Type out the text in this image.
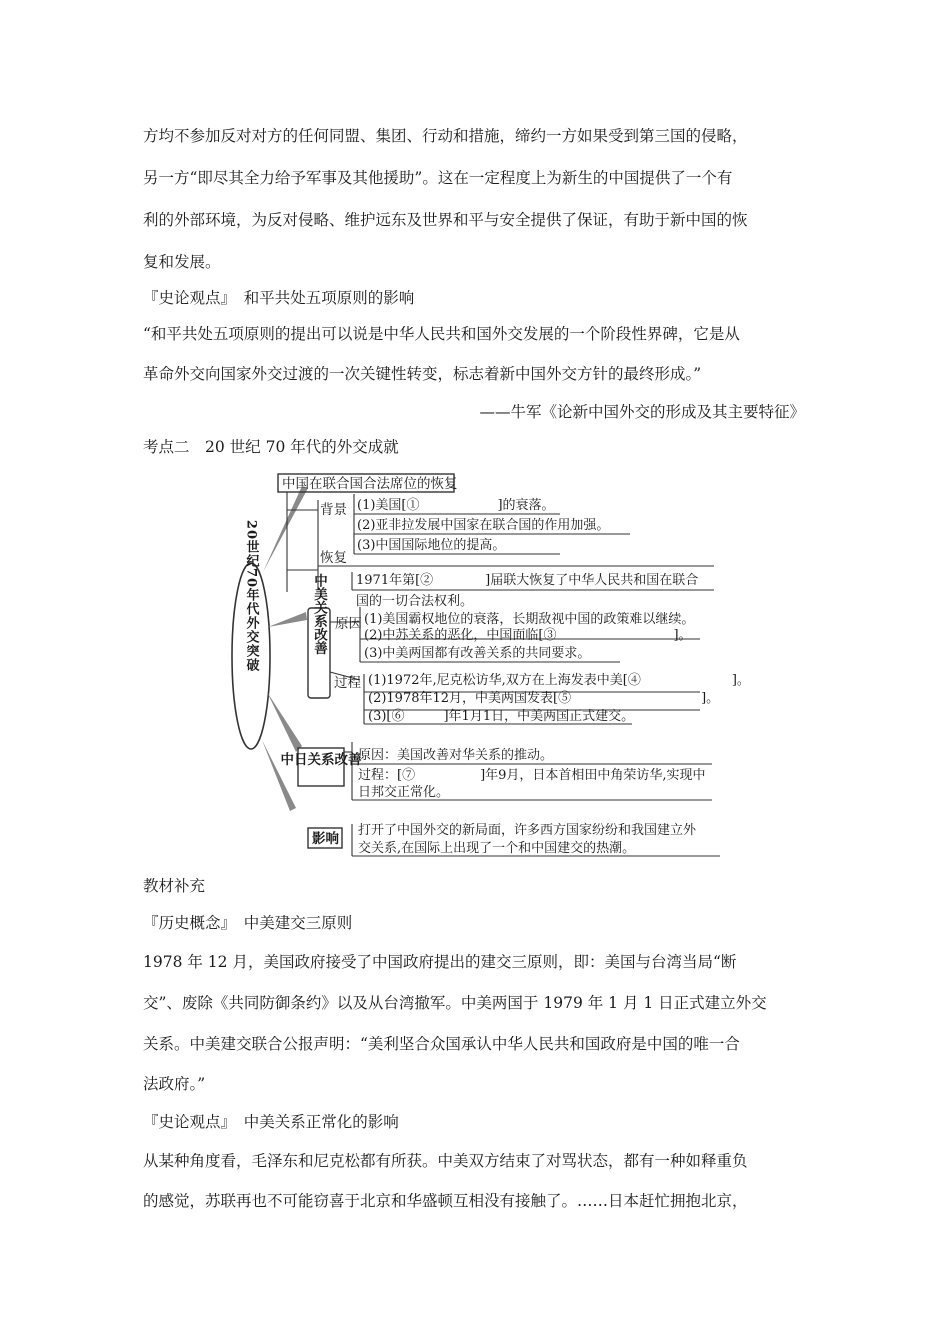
方均不参加反对对方的任何同盟、集团、行动和措施，缔约一方如果受到第三国的侵略，
另一方“即尽其全力给予军事及其他援助”。这在一定程度上为新生的中国提供了一个有
利的外部环境，为反对侵略、维护远东及世界和平与安全提供了保证，有助于新中国的恢
复和发展。
『史论观点』　和平共处五项原则的影响
“和平共处五项原则的提出可以说是中华人民共和国外交发展的一个阶段性界碑，它是从
革命外交向国家外交过渡的一次关键性转变，标志着新中国外交方针的最终形成。”
——牛军《论新中国外交的形成及其主要特征》
考点二　20 世纪 70 年代的外交成就
20世纪70年代外交突破
中国在联合国合法席位的恢复
背景 (1)美国[①　　　　　　]的衰落。
(2)亚非拉发展中国家在联合国的作用加强。
(3)中国国际地位的提高。
恢复
1971年第[②　　　　]届联大恢复了中华人民共和国在联合
国的一切合法权利。
中美关系改善 原因 (1)美国霸权地位的衰落，长期敌视中国的政策难以继续。
(2)中苏关系的恶化，中国面临[③　　　　　　　　　]。
(3)中美两国都有改善关系的共同要求。
过程 (1)1972年,尼克松访华,双方在上海发表中美[④　　　　　　　]。
(2)1978年12月，中美两国发表[⑤　　　　　　　　　　]。
(3)[⑥　　　]年1月1日，中美两国正式建交。
中日关系改善
原因：美国改善对华关系的推动。
过程：[⑦　　　　　]年9月，日本首相田中角荣访华,实现中
日邦交正常化。
影响
打开了中国外交的新局面，许多西方国家纷纷和我国建立外
交关系,在国际上出现了一个和中国建交的热潮。
教材补充
『历史概念』　中美建交三原则
1978 年 12 月，美国政府接受了中国政府提出的建交三原则，即：美国与台湾当局“断
交”、废除《共同防御条约》以及从台湾撤军。中美两国于 1979 年 1 月 1 日正式建立外交
关系。中美建交联合公报声明：“美利坚合众国承认中华人民共和国政府是中国的唯一合
法政府。”
『史论观点』　中美关系正常化的影响
从某种角度看，毛泽东和尼克松都有所获。中美双方结束了对骂状态，都有一种如释重负
的感觉，苏联再也不可能窃喜于北京和华盛顿互相没有接触了。……日本赶忙拥抱北京，
